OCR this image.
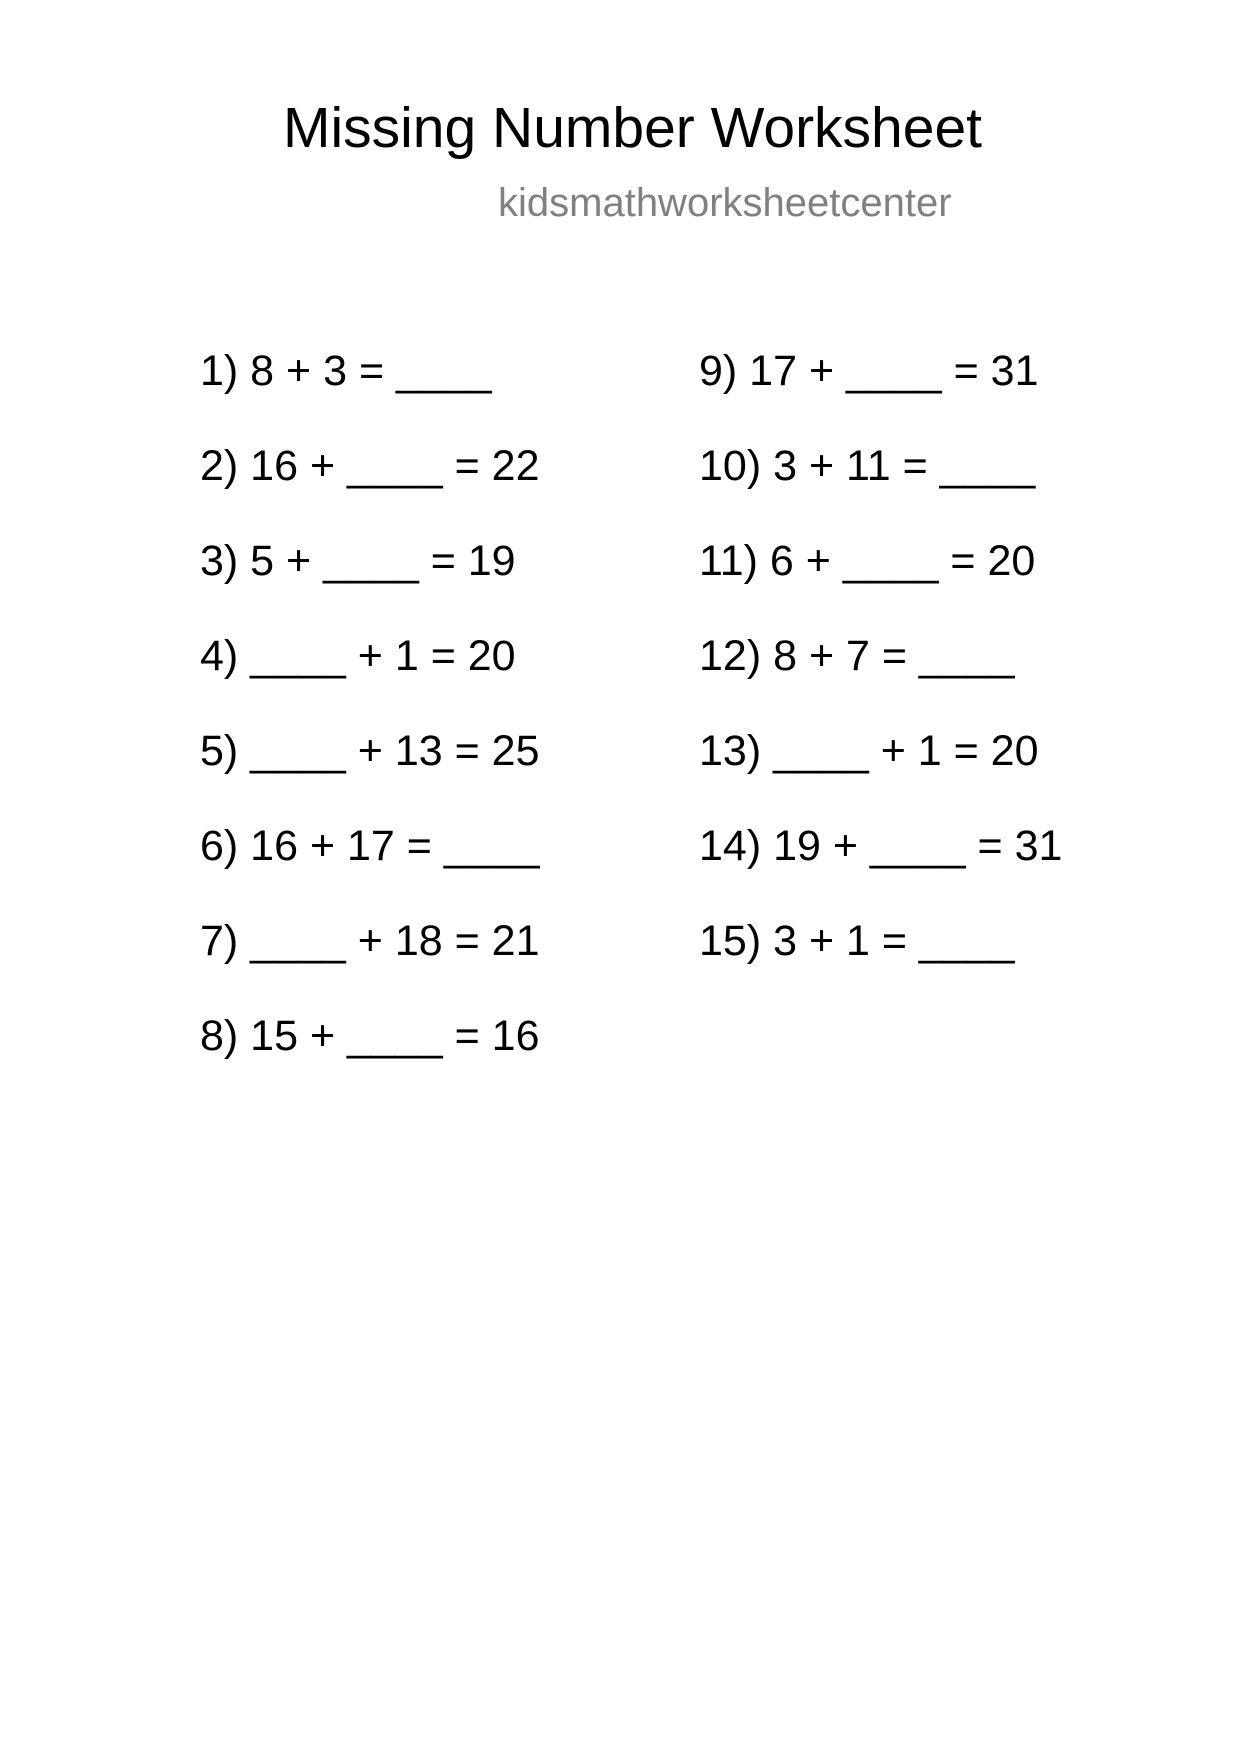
Missing Number Worksheet
kidsmathworksheetcenter
1) 8 + 3 = ____
2) 16 + ____ = 22
3) 5 + ____ = 19
4) ____ + 1 = 20
5) ____ + 13 = 25
6) 16 + 17 = ____
7) ____ + 18 = 21
8) 15 + ____ = 16
9) 17 + ____ = 31
10) 3 + 11 = ____
11) 6 + ____ = 20
12) 8 + 7 = ____
13) ____ + 1 = 20
14) 19 + ____ = 31
15) 3 + 1 = ____
